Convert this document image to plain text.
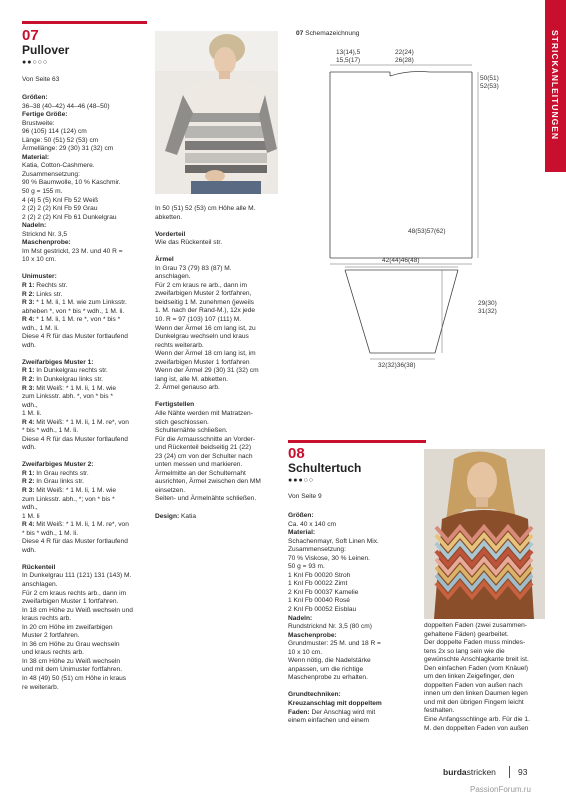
STRICKANLEITUNGEN
07
Pullover
●●○○○
Von Seite 63

Größen:

36–38 (40–42) 44–46 (48–50)

Fertige Größe:

Brustweite:

96 (105) 114 (124) cm

Länge: 50 (51) 52 (53) cm

Ärmellänge: 29 (30) 31 (32) cm

Material:

Katia, Cotton-Cashmere.

Zusammensetzung:

90 % Baumwolle, 10 % Kaschmir.

50 g = 155 m.

4 (4) 5 (5) Knl Fb 52 Weiß

2 (2) 2 (2) Knl Fb 59 Grau

2 (2) 2 (2) Knl Fb 61 Dunkelgrau

Nadeln:

Stricknd Nr. 3,5

Maschenprobe:

Im Mst gestrickt, 23 M. und 40 R =

10 x 10 cm.

Unimuster:

R 1: Rechts str.

R 2: Links str.

R 3: * 1 M. li, 1 M. wie zum Linksstr.

abheben *, von * bis * wdh., 1 M. li.

R 4: * 1 M. li, 1 M. re *, von * bis *

wdh., 1 M. li.

Diese 4 R für das Muster fortlaufend

wdh.

Zweifarbiges Muster 1:

R 1: In Dunkelgrau rechts str.

R 2: In Dunkelgrau links str.

R 3: Mit Weiß: * 1 M. li, 1 M. wie

zum Linksstr. abh. *, von * bis *

wdh.,

1 M. li.

R 4: Mit Weiß: * 1 M. li, 1 M. re*, von

* bis * wdh., 1 M. li.

Diese 4 R für das Muster fortlaufend

wdh.

Zweifarbiges Muster 2:

R 1: In Grau rechts str.

R 2: In Grau links str.

R 3: Mit Weiß: * 1 M. li, 1 M. wie

zum Linksstr. abh., *; von * bis *

wdh.,

1 M. li

R 4: Mit Weiß: * 1 M. li, 1 M. re*, von

* bis * wdh., 1 M. li.

Diese 4 R für das Muster fortlaufend

wdh.

Rückenteil

In Dunkelgrau 111 (121) 131 (143) M.

anschlagen.

Für 2 cm kraus rechts arb., dann im

zweifarbigen Muster 1 fortfahren.

In 18 cm Höhe zu Weiß wechseln und

kraus rechts arb.

In 20 cm Höhe im zweifarbigen

Muster 2 fortfahren.

In 36 cm Höhe zu Grau wechseln

und kraus rechts arb.

In 38 cm Höhe zu Weiß wechseln

und mit dem Unimuster fortfahren.

In 48 (49) 50 (51) cm Höhe in kraus

re weiterarb.

In 50 (51) 52 (53) cm Höhe alle M.

abketten.

Vorderteil

Wie das Rückenteil str.

Ärmel

In Grau 73 (79) 83 (87) M.

anschlagen.

Für 2 cm kraus re arb., dann im

zweifarbigen Muster 2 fortfahren,

beidseitig 1 M. zunehmen (jeweils

1. M. nach der Rand-M.), 12x jede

10. R = 97 (103) 107 (111) M.

Wenn der Ärmel 16 cm lang ist, zu

Dunkelgrau wechseln und kraus

rechts weiterarb.

Wenn der Ärmel 18 cm lang ist, im

zweifarbigen Muster 1 fortfahren

Wenn der Ärmel 29 (30) 31 (32) cm

lang ist, alle M. abketten.

2. Ärmel genauso arb.

Fertigstellen

Alle Nähte werden mit Matratzen-

stich geschlossen.

Schulternähte schließen.

Für die Armausschnitte an Vorder-

und Rückenteil beidseitig 21 (22)

23 (24) cm von der Schulter nach

unten messen und markieren.

Ärmelmitte an der Schulternaht

ausrichten, Ärmel zwischen den MM

einsetzen.

Seiten- und Ärmelnähte schließen.

Design: Katia

07 Schemazeichnung
13(14),5
15,5(17)
22(24)
26(28)
50(51)
52(53)
48(53)57(62)
42(44)46(48)
29(30)
31(32)
32(32)36(38)
08
Schultertuch
●●●○○
Von Seite 9

Größen:

Ca. 40 x 140 cm

Material:

Schachenmayr, Soft Linen Mix.

Zusammensetzung:

70 % Viskose, 30 % Leinen.

50 g = 93 m.

1 Knl Fb 00020 Stroh

1 Knl Fb 00022 Zimt

2 Knl Fb 00037 Kamelie

1 Knl Fb 00040 Rosé

2 Knl Fb 00052 Eisblau

Nadeln:

Rundstricknd Nr. 3,5 (80 cm)

Maschenprobe:

Grundmuster: 25 M. und 18 R =

10 x 10 cm.

Wenn nötig, die Nadelstärke

anpassen, um die richtige

Maschenprobe zu erhalten.

Grundtechniken:

Kreuzanschlag mit doppeltem

Faden: Der Anschlag wird mit

einem einfachen und einem

doppelten Faden (zwei zusammen-

gehaltene Fäden) gearbeitet.

Der doppelte Faden muss mindes-

tens 2x so lang sein wie die

gewünschte Anschlagkante breit ist.

Den einfachen Faden (vom Knäuel)

um den linken Zeigefinger, den

doppelten Faden von außen nach

innen um den linken Daumen legen

und mit den übrigen Fingern leicht

festhalten.

Eine Anfangsschlinge arb. Für die 1.

M. den doppelten Faden von außen

burdastricken	93
PassionForum.ru
